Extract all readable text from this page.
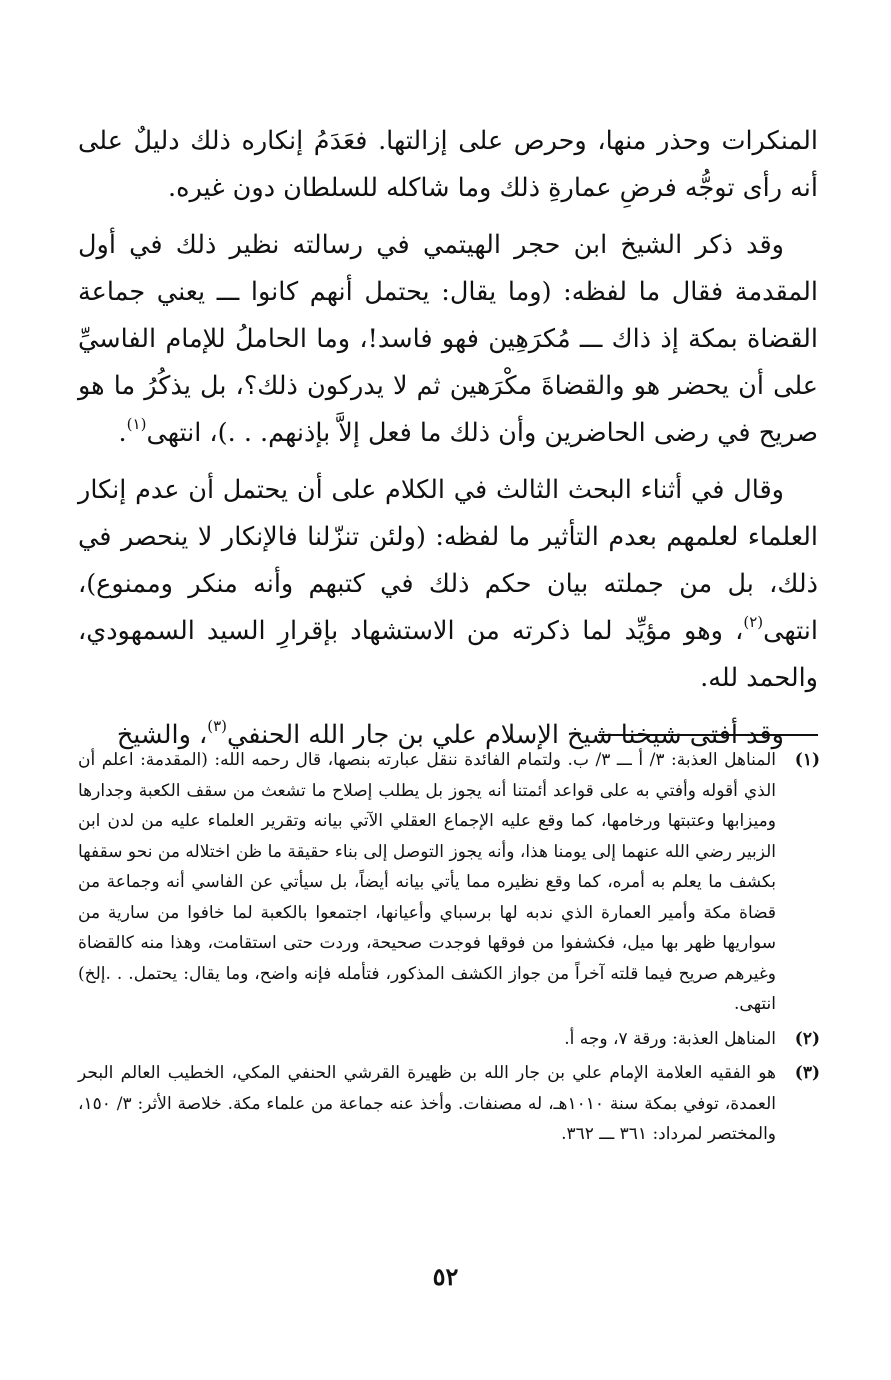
المنكرات وحذر منها، وحرص على إزالتها. فعَدَمُ إنكاره ذلك دليلٌ على أنه رأى توجُّه فرضِ عمارةِ ذلك وما شاكله للسلطان دون غيره.

وقد ذكر الشيخ ابن حجر الهيتمي في رسالته نظير ذلك في أول المقدمة فقال ما لفظه: (وما يقال: يحتمل أنهم كانوا ـــ يعني جماعة القضاة بمكة إذ ذاك ـــ مُكرَهِين فهو فاسد!، وما الحاملُ للإمام الفاسيِّ على أن يحضر هو والقضاةَ مكْرَهين ثم لا يدركون ذلك؟، بل يذكُرُ ما هو صريح في رضى الحاضرين وأن ذلك ما فعل إلاَّ بإذنهم. . .)، انتهى$^{(١)}$.

وقال في أثناء البحث الثالث في الكلام على أن يحتمل أن عدم إنكار العلماء لعلمهم بعدم التأثير ما لفظه: (ولئن تنزّلنا فالإنكار لا ينحصر في ذلك، بل من جملته بيان حكم ذلك في كتبهم وأنه منكر وممنوع)، انتهى$^{(٢)}$، وهو مؤيِّد لما ذكرته من الاستشهاد بإقرارِ السيد السمهودي، والحمد لله.

وقد أفتى شيخنا شيخ الإسلام علي بن جار الله الحنفي$^{(٣)}$، والشيخ

(١)
المناهل العذبة: ٣/ أ ـــ ٣/ ب. ولتمام الفائدة ننقل عبارته بنصها، قال رحمه الله: (المقدمة: اعلم أن الذي أقوله وأفتي به على قواعد أئمتنا أنه يجوز بل يطلب إصلاح ما تشعث من سقف الكعبة وجدارها وميزابها وعتبتها ورخامها، كما وقع عليه الإجماع العقلي الآتي بيانه وتقرير العلماء عليه من لدن ابن الزبير رضي الله عنهما إلى يومنا هذا، وأنه يجوز التوصل إلى بناء حقيقة ما ظن اختلاله من نحو سقفها بكشف ما يعلم به أمره، كما وقع نظيره مما يأتي بيانه أيضاً، بل سيأتي عن الفاسي أنه وجماعة من قضاة مكة وأمير العمارة الذي ندبه لها برسباي وأعيانها، اجتمعوا بالكعبة لما خافوا من سارية من سواريها ظهر بها ميل، فكشفوا من فوقها فوجدت صحيحة، وردت حتى استقامت، وهذا منه كالقضاة وغيرهم صريح فيما قلته آخراً من جواز الكشف المذكور، فتأمله فإنه واضح، وما يقال: يحتمل. . .إلخ) انتهى.
(٢)
المناهل العذبة: ورقة ٧، وجه أ.
(٣)
هو الفقيه العلامة الإمام علي بن جار الله بن ظهيرة القرشي الحنفي المكي، الخطيب العالم البحر العمدة، توفي بمكة سنة ١٠١٠هـ، له مصنفات. وأخذ عنه جماعة من علماء مكة. خلاصة الأثر: ٣/ ١٥٠، والمختصر لمرداد: ٣٦١ ـــ ٣٦٢.
٥٢
